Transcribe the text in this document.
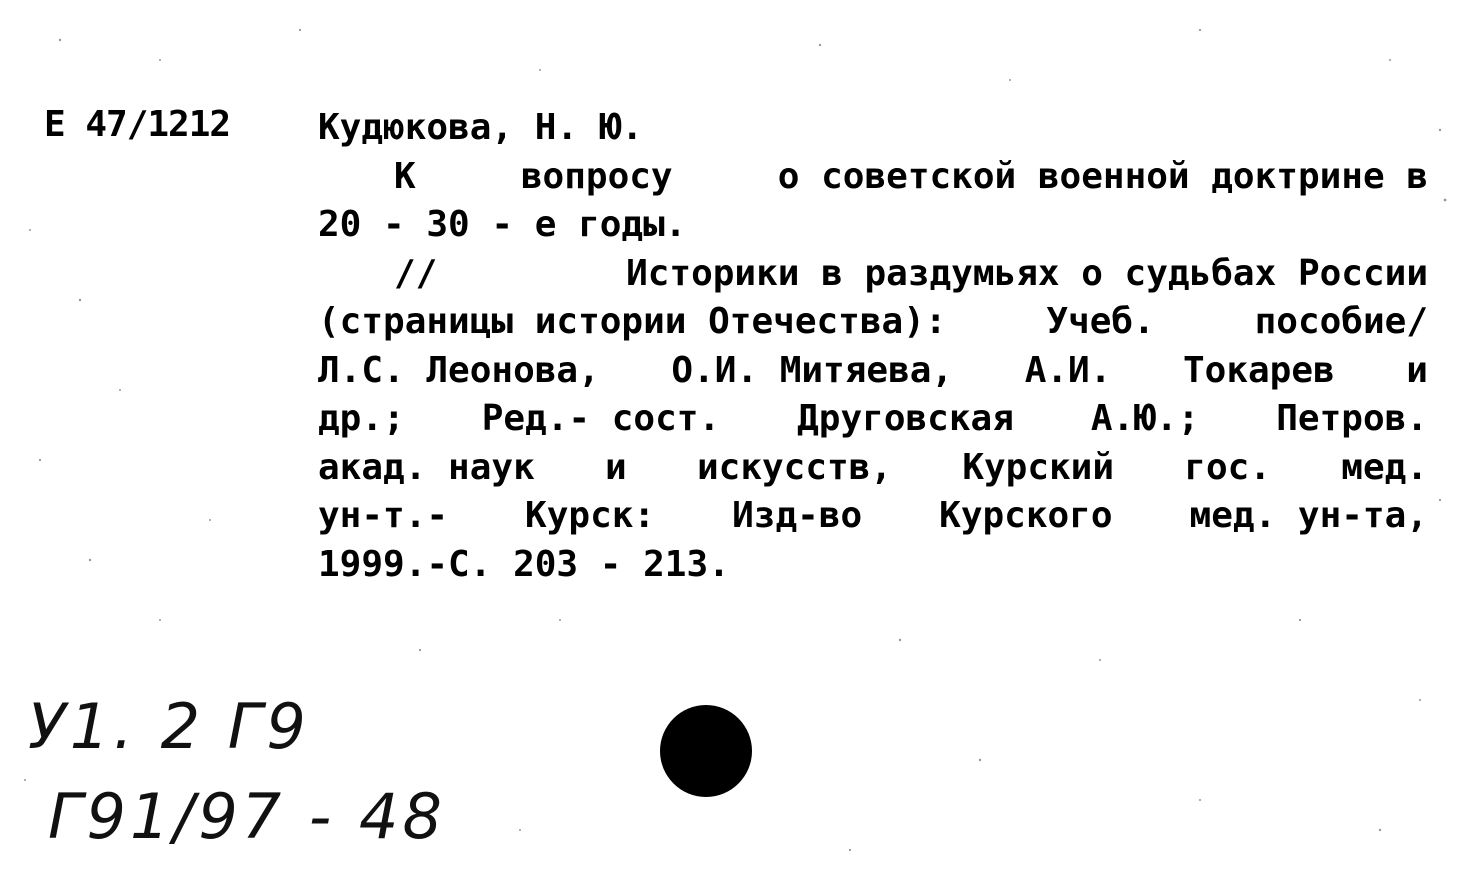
Е 47/1212 Кудюкова, Н. Ю.
К	вопросу	о советской военной доктрине в
20 - 30 - е годы.
//	Историки в раздумьях о судьбах России
(страницы истории Отечества):	Учеб.	пособие/
Л.С. Леонова, О.И. Митяева, А.И. Токарев и
др.; Ред.- сост. Друговская А.Ю.; Петров.
акад. наук и искусств, Курский гос. мед.
ун-т.- Курск: Изд-во Курского мед. ун-та,
1999.-С. 203 - 213.
У1. 2 Г9
Г91/97 - 48
